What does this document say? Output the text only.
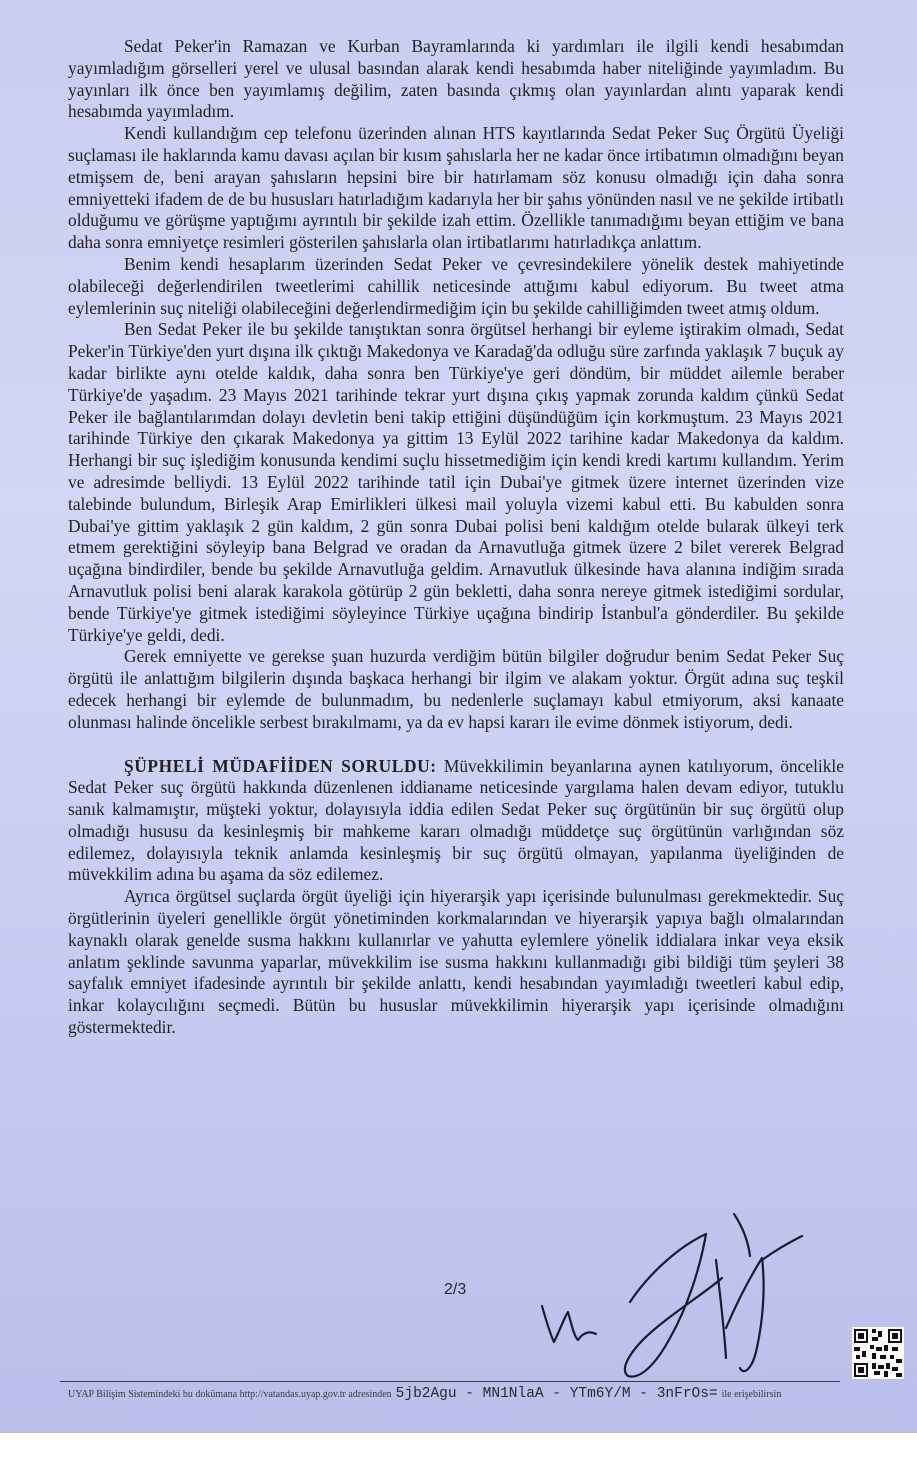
Sedat Peker'in Ramazan ve Kurban Bayramlarında ki yardımları ile ilgili kendi hesabımdan yayımladığım görselleri yerel ve ulusal basından alarak kendi hesabımda haber niteliğinde yayımladım. Bu yayınları ilk önce ben yayımlamış değilim, zaten basında çıkmış olan yayınlardan alıntı yaparak kendi hesabımda yayımladım.

Kendi kullandığım cep telefonu üzerinden alınan HTS kayıtlarında Sedat Peker Suç Örgütü Üyeliği suçlaması ile haklarında kamu davası açılan bir kısım şahıslarla her ne kadar önce irtibatımın olmadığını beyan etmişsem de, beni arayan şahısların hepsini bire bir hatırlamam söz konusu olmadığı için daha sonra emniyetteki ifadem de de bu hususları hatırladığım kadarıyla her bir şahıs yönünden nasıl ve ne şekilde irtibatlı olduğumu ve görüşme yaptığımı ayrıntılı bir şekilde izah ettim. Özellikle tanımadığımı beyan ettiğim ve bana daha sonra emniyetçe resimleri gösterilen şahıslarla olan irtibatlarımı hatırladıkça anlattım.

Benim kendi hesaplarım üzerinden Sedat Peker ve çevresindekilere yönelik destek mahiyetinde olabileceği değerlendirilen tweetlerimi cahillik neticesinde attığımı kabul ediyorum. Bu tweet atma eylemlerinin suç niteliği olabileceğini değerlendirmediğim için bu şekilde cahilliğimden tweet atmış oldum.

Ben Sedat Peker ile bu şekilde tanıştıktan sonra örgütsel herhangi bir eyleme iştirakim olmadı, Sedat Peker'in Türkiye'den yurt dışına ilk çıktığı Makedonya ve Karadağ'da odluğu süre zarfında yaklaşık 7 buçuk ay kadar birlikte aynı otelde kaldık, daha sonra ben Türkiye'ye geri döndüm, bir müddet ailemle beraber Türkiye'de yaşadım. 23 Mayıs 2021 tarihinde tekrar yurt dışına çıkış yapmak zorunda kaldım çünkü Sedat Peker ile bağlantılarımdan dolayı devletin beni takip ettiğini düşündüğüm için korkmuştum. 23 Mayıs 2021 tarihinde Türkiye den çıkarak Makedonya ya gittim 13 Eylül 2022 tarihine kadar Makedonya da kaldım. Herhangi bir suç işlediğim konusunda kendimi suçlu hissetmediğim için kendi kredi kartımı kullandım. Yerim ve adresimde belliydi. 13 Eylül 2022 tarihinde tatil için Dubai'ye gitmek üzere internet üzerinden vize talebinde bulundum, Birleşik Arap Emirlikleri ülkesi mail yoluyla vizemi kabul etti. Bu kabulden sonra Dubai'ye gittim yaklaşık 2 gün kaldım, 2 gün sonra Dubai polisi beni kaldığım otelde bularak ülkeyi terk etmem gerektiğini söyleyip bana Belgrad ve oradan da Arnavutluğa gitmek üzere 2 bilet vererek Belgrad uçağına bindirdiler, bende bu şekilde Arnavutluğa geldim. Arnavutluk ülkesinde hava alanına indiğim sırada Arnavutluk polisi beni alarak karakola götürüp 2 gün bekletti, daha sonra nereye gitmek istediğimi sordular, bende Türkiye'ye gitmek istediğimi söyleyince Türkiye uçağına bindirip İstanbul'a gönderdiler. Bu şekilde Türkiye'ye geldi, dedi.

Gerek emniyette ve gerekse şuan huzurda verdiğim bütün bilgiler doğrudur benim Sedat Peker Suç örgütü ile anlattığım bilgilerin dışında başkaca herhangi bir ilgim ve alakam yoktur. Örgüt adına suç teşkil edecek herhangi bir eylemde de bulunmadım, bu nedenlerle suçlamayı kabul etmiyorum, aksi kanaate olunması halinde öncelikle serbest bırakılmamı, ya da ev hapsi kararı ile evime dönmek istiyorum, dedi.

ŞÜPHELİ MÜDAFİİDEN SORULDU: Müvekkilimin beyanlarına aynen katılıyorum, öncelikle Sedat Peker suç örgütü hakkında düzenlenen iddianame neticesinde yargılama halen devam ediyor, tutuklu sanık kalmamıştır, müşteki yoktur, dolayısıyla iddia edilen Sedat Peker suç örgütünün bir suç örgütü olup olmadığı hususu da kesinleşmiş bir mahkeme kararı olmadığı müddetçe suç örgütünün varlığından söz edilemez, dolayısıyla teknik anlamda kesinleşmiş bir suç örgütü olmayan, yapılanma üyeliğinden de müvekkilim adına bu aşama da söz edilemez.

Ayrıca örgütsel suçlarda örgüt üyeliği için hiyerarşik yapı içerisinde bulunulması gerekmektedir. Suç örgütlerinin üyeleri genellikle örgüt yönetiminden korkmalarından ve hiyerarşik yapıya bağlı olmalarından kaynaklı olarak genelde susma hakkını kullanırlar ve yahutta eylemlere yönelik iddialara inkar veya eksik anlatım şeklinde savunma yaparlar, müvekkilim ise susma hakkını kullanmadığı gibi bildiği tüm şeyleri 38 sayfalık emniyet ifadesinde ayrıntılı bir şekilde anlattı, kendi hesabından yayımladığı tweetleri kabul edip, inkar kolaycılığını seçmedi. Bütün bu hususlar müvekkilimin hiyerarşik yapı içerisinde olmadığını göstermektedir.

2/3
UYAP Bilişim Sistemindeki bu dokümana http://vatandas.uyap.gov.tr adresinden 5jb2Agu - MN1NlaA - YTm6Y/M - 3nFrOs= ile erişebilirsin
